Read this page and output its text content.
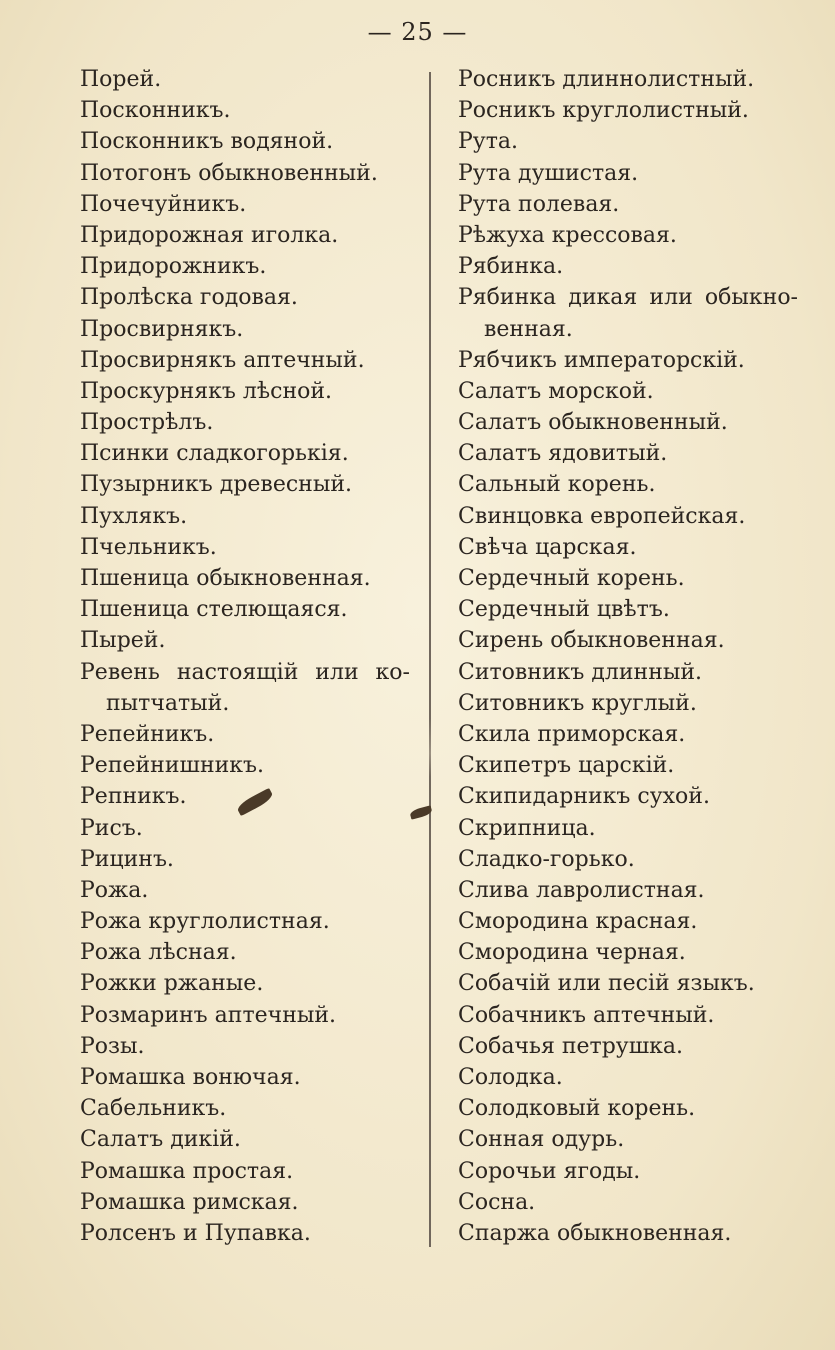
— 25 —
Порей.
Посконникъ.
Посконникъ водяной.
Потогонъ обыкновенный.
Почечуйникъ.
Придорожная иголка.
Придорожникъ.
Пролѣска годовая.
Просвирнякъ.
Просвирнякъ аптечный.
Проскурнякъ лѣсной.
Прострѣлъ.
Псинки сладкогорькія.
Пузырникъ древесный.
Пухлякъ.
Пчельникъ.
Пшеница обыкновенная.
Пшеница стелющаяся.
Пырей.
Ревень настоящій или ко-
пытчатый.
Репейникъ.
Репейнишникъ.
Репникъ.
Рисъ.
Рицинъ.
Рожа.
Рожа круглолистная.
Рожа лѣсная.
Рожки ржаные.
Розмаринъ аптечный.
Розы.
Ромашка вонючая.
Сабельникъ.
Салатъ дикій.
Ромашка простая.
Ромашка римская.
Ролсенъ и Пупавка.
Росникъ длиннолистный.
Росникъ круглолистный.
Рута.
Рута душистая.
Рута полевая.
Рѣжуха крессовая.
Рябинка.
Рябинка дикая или обыкно-
венная.
Рябчикъ императорскій.
Салатъ морской.
Салатъ обыкновенный.
Салатъ ядовитый.
Сальный корень.
Свинцовка европейская.
Свѣча царская.
Сердечный корень.
Сердечный цвѣтъ.
Сирень обыкновенная.
Ситовникъ длинный.
Ситовникъ круглый.
Скила приморская.
Скипетръ царскій.
Скипидарникъ сухой.
Скрипница.
Сладко-горько.
Слива лавролистная.
Смородина красная.
Смородина черная.
Собачій или песій языкъ.
Собачникъ аптечный.
Собачья петрушка.
Солодка.
Солодковый корень.
Сонная одурь.
Сорочьи ягоды.
Сосна.
Спаржа обыкновенная.
